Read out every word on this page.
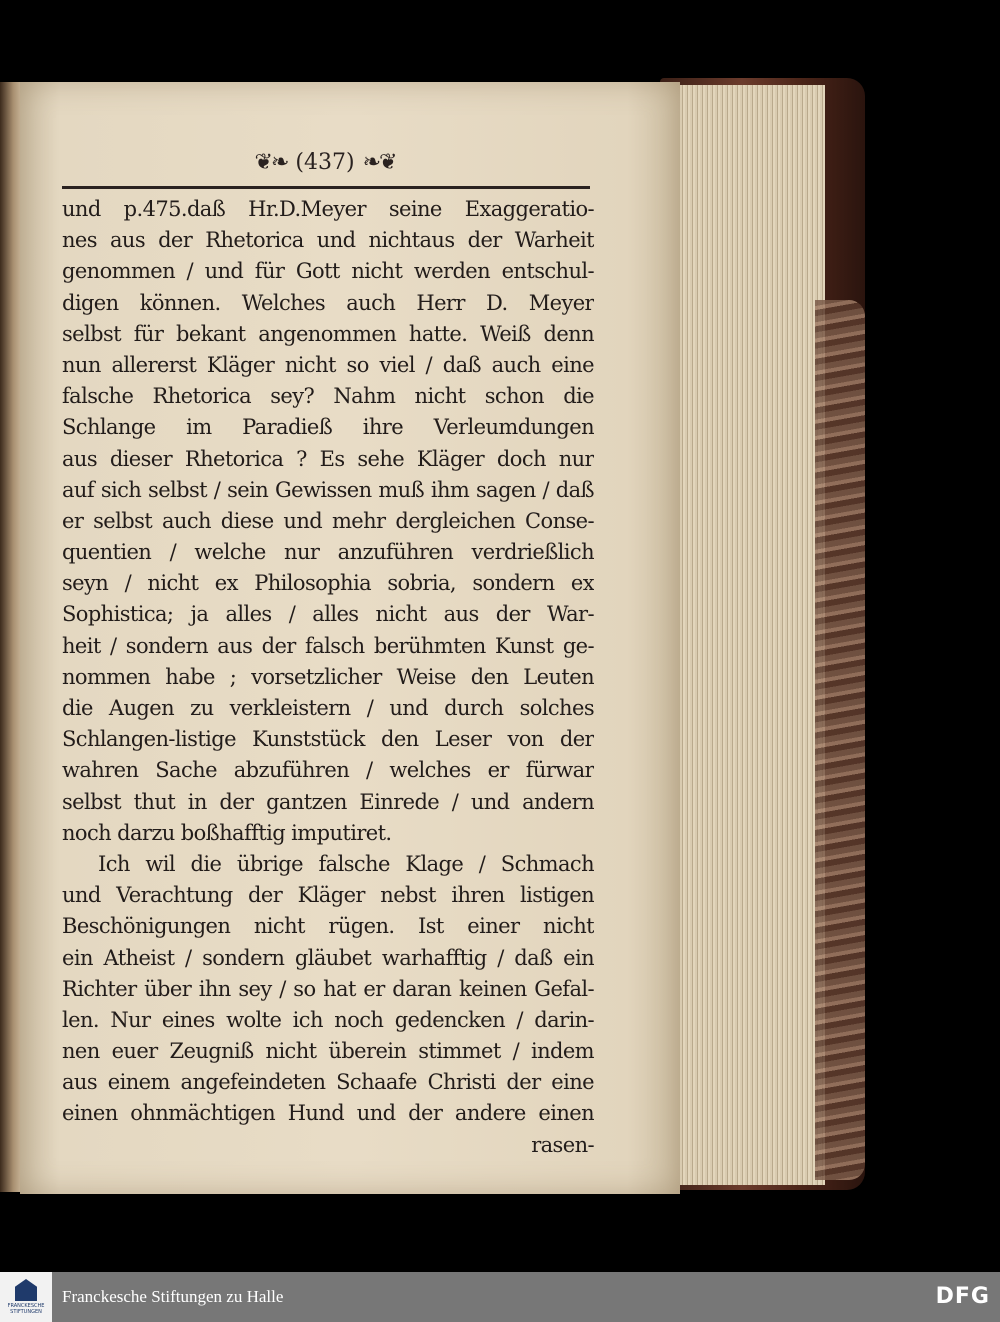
❦❧ (437) ❧❦
und p.475.daß Hr.D.Meyer seine Exaggeratio-
nes aus der Rhetorica und nichtaus der Warheit
genommen / und für Gott nicht werden entschul-
digen können. Welches auch Herr D. Meyer
selbst für bekant angenommen hatte. Weiß denn
nun allererst Kläger nicht so viel / daß auch eine
falsche Rhetorica sey? Nahm nicht schon die
Schlange im Paradieß ihre Verleumdungen
aus dieser Rhetorica ? Es sehe Kläger doch nur
auf sich selbst / sein Gewissen muß ihm sagen / daß
er selbst auch diese und mehr dergleichen Conse-
quentien / welche nur anzuführen verdrießlich
seyn / nicht ex Philosophia sobria, sondern ex
Sophistica; ja alles / alles nicht aus der War-
heit / sondern aus der falsch berühmten Kunst ge-
nommen habe ; vorsetzlicher Weise den Leuten
die Augen zu verkleistern / und durch solches
Schlangen-listige Kunststück den Leser von der
wahren Sache abzuführen / welches er fürwar
selbst thut in der gantzen Einrede / und andern
noch darzu boßhafftig imputiret.
Ich wil die übrige falsche Klage / Schmach
und Verachtung der Kläger nebst ihren listigen
Beschönigungen nicht rügen. Ist einer nicht
ein Atheist / sondern gläubet warhafftig / daß ein
Richter über ihn sey / so hat er daran keinen Gefal-
len. Nur eines wolte ich noch gedencken / darin-
nen euer Zeugniß nicht überein stimmet / indem
aus einem angefeindeten Schaafe Christi der eine
einen ohnmächtigen Hund und der andere einen
rasen-
FRANCKESCHE STIFTUNGEN
Franckesche Stiftungen zu Halle	DFG
